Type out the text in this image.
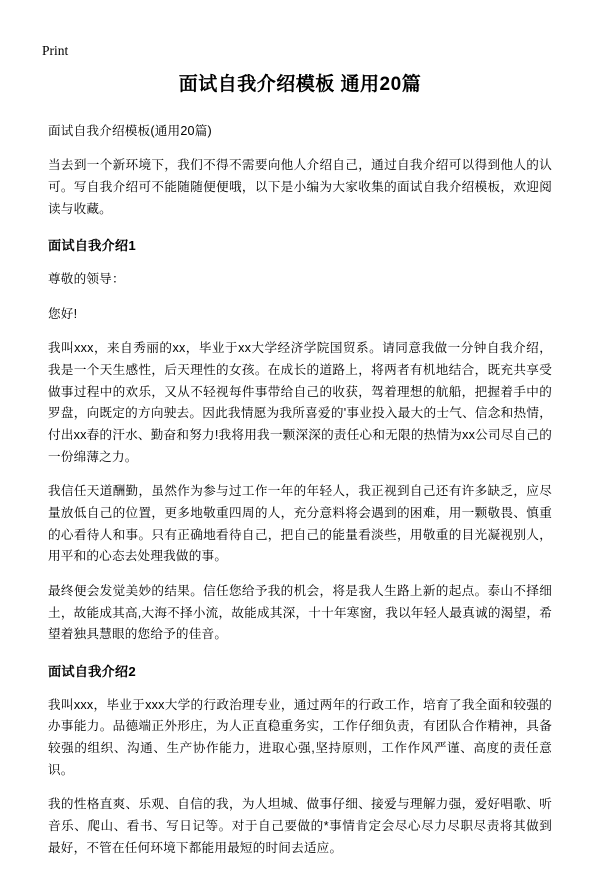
Print
面试自我介绍模板 通用20篇

面试自我介绍模板(通用20篇)

当去到一个新环境下，我们不得不需要向他人介绍自己，通过自我介绍可以得到他人的认可。写自我介绍可不能随随便便哦，以下是小编为大家收集的面试自我介绍模板，欢迎阅读与收藏。

面试自我介绍1

尊敬的领导：

您好!

我叫xxx，来自秀丽的xx，毕业于xx大学经济学院国贸系。请同意我做一分钟自我介绍，我是一个天生感性，后天理性的女孩。在成长的道路上，将两者有机地结合，既充共享受做事过程中的欢乐，又从不轻视每件事带给自己的收获，驾着理想的航船，把握着手中的罗盘，向既定的方向驶去。因此我情愿为我所喜爱的'事业投入最大的士气、信念和热情，付出xx春的汗水、勤奋和努力!我将用我一颗深深的责任心和无限的热情为xx公司尽自己的一份绵薄之力。

我信任天道酬勤，虽然作为参与过工作一年的年轻人，我正视到自己还有许多缺乏，应尽量放低自己的位置，更多地敬重四周的人，充分意料将会遇到的困难，用一颗敬畏、慎重的心看待人和事。只有正确地看待自己，把自己的能量看淡些，用敬重的目光凝视别人，用平和的心态去处理我做的事。

最终便会发觉美妙的结果。信任您给予我的机会，将是我人生路上新的起点。泰山不择细土，故能成其高,大海不择小流，故能成其深，十十年寒窗，我以年轻人最真诚的渴望，希望着独具慧眼的您给予的佳音。

面试自我介绍2

我叫xxx，毕业于xxx大学的行政治理专业，通过两年的行政工作，培育了我全面和较强的办事能力。品德端正外形庄，为人正直稳重务实，工作仔细负责，有团队合作精神，具备较强的组织、沟通、生产协作能力，进取心强,坚持原则，工作作风严谨、高度的责任意识。

我的性格直爽、乐观、自信的我，为人坦城、做事仔细、接爱与理解力强，爱好唱歌、听音乐、爬山、看书、写日记等。对于自己要做的*事情肯定会尽心尽力尽职尽责将其做到最好，不管在任何环境下都能用最短的时间去适应。
